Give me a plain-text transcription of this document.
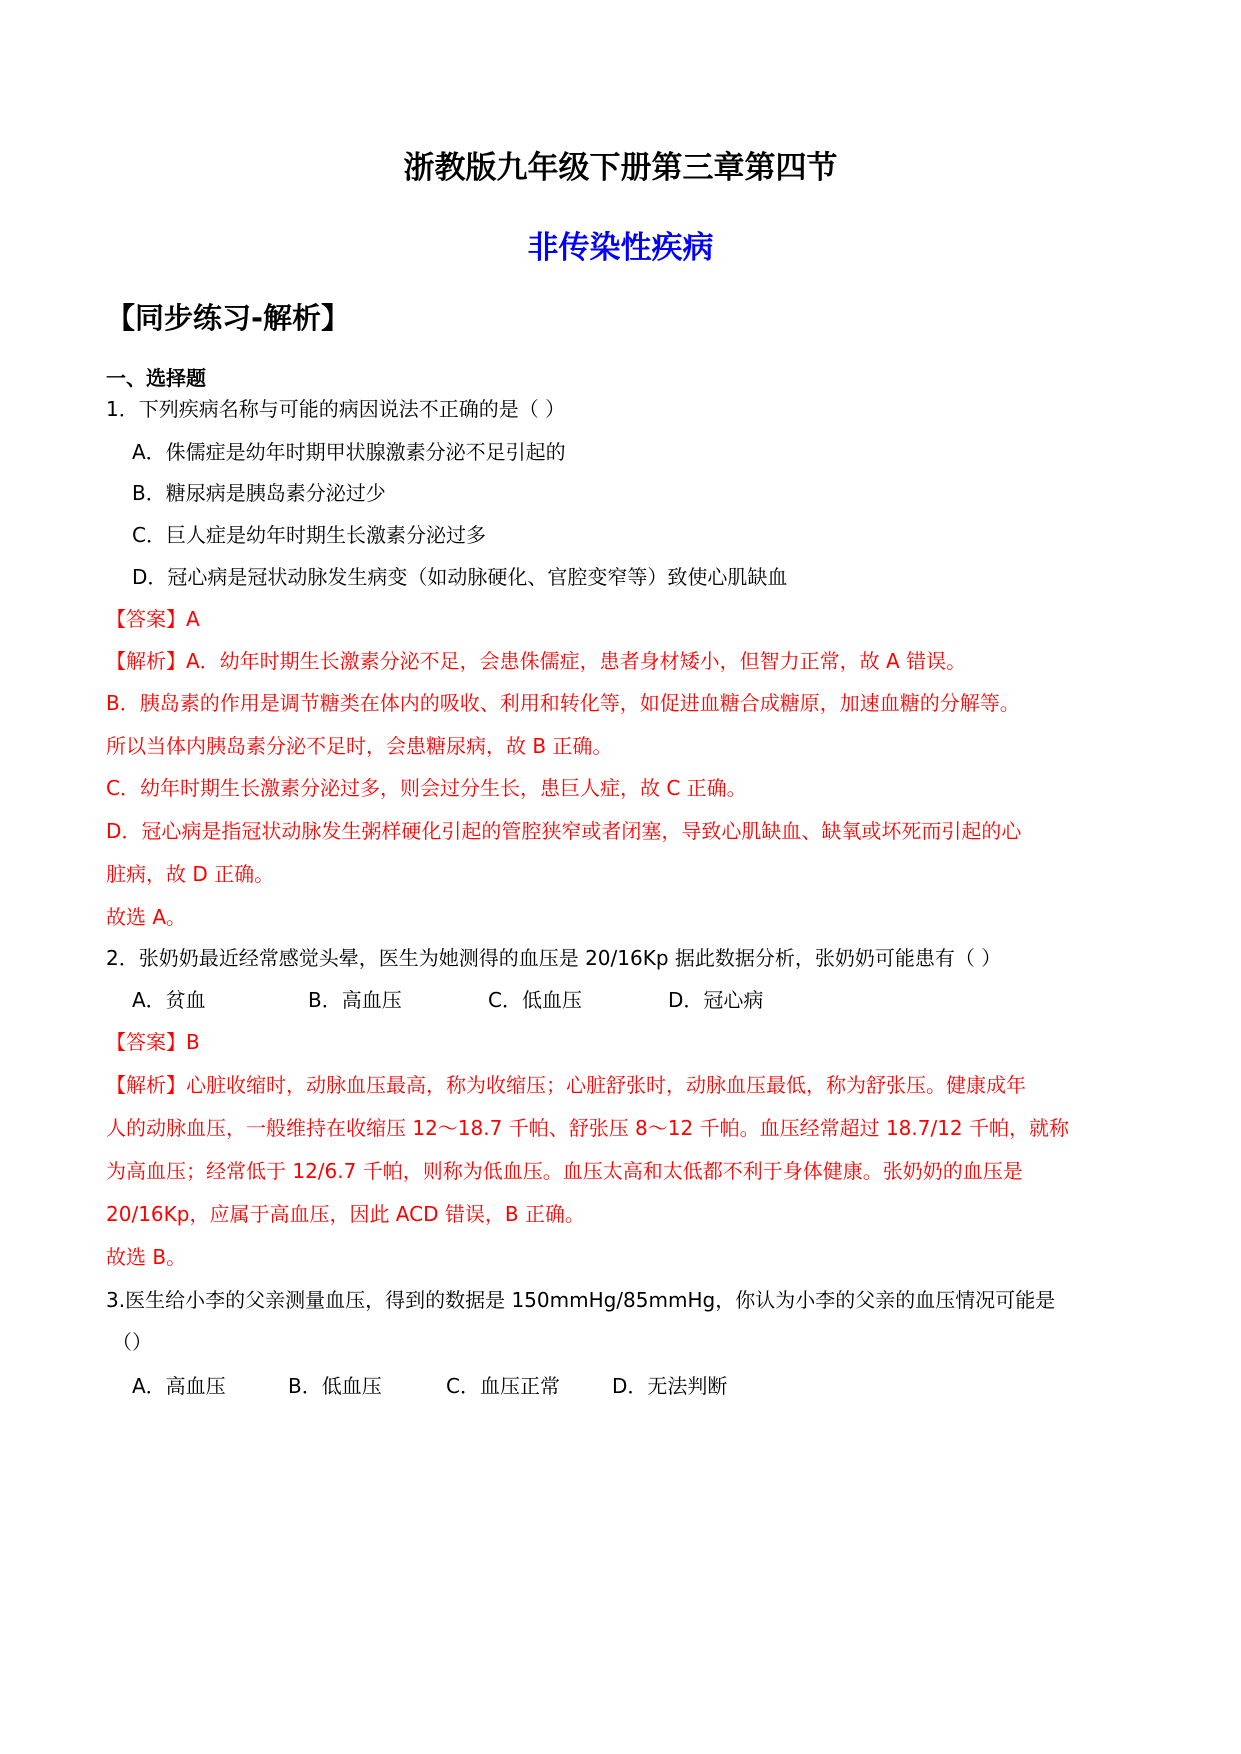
浙教版九年级下册第三章第四节
非传染性疾病
【同步练习-解析】
一、选择题
1．下列疾病名称与可能的病因说法不正确的是（ ）
A．侏儒症是幼年时期甲状腺激素分泌不足引起的
B．糖尿病是胰岛素分泌过少
C．巨人症是幼年时期生长激素分泌过多
D．冠心病是冠状动脉发生病变（如动脉硬化、官腔变窄等）致使心肌缺血
【答案】A
【解析】A．幼年时期生长激素分泌不足，会患侏儒症，患者身材矮小，但智力正常，故 A 错误。
B．胰岛素的作用是调节糖类在体内的吸收、利用和转化等，如促进血糖合成糖原，加速血糖的分解等。
所以当体内胰岛素分泌不足时，会患糖尿病，故 B 正确。
C．幼年时期生长激素分泌过多，则会过分生长，患巨人症，故 C 正确。
D．冠心病是指冠状动脉发生粥样硬化引起的管腔狭窄或者闭塞，导致心肌缺血、缺氧或坏死而引起的心
脏病，故 D 正确。
故选 A。
2．张奶奶最近经常感觉头晕，医生为她测得的血压是 20/16Kp 据此数据分析，张奶奶可能患有（ ）
A．贫血	B．高血压	C．低血压	D．冠心病
【答案】B
【解析】心脏收缩时，动脉血压最高，称为收缩压；心脏舒张时，动脉血压最低，称为舒张压。健康成年
人的动脉血压，一般维持在收缩压 12～18.7 千帕、舒张压 8～12 千帕。血压经常超过 18.7/12 千帕，就称
为高血压；经常低于 12/6.7 千帕，则称为低血压。血压太高和太低都不利于身体健康。张奶奶的血压是
20/16Kp，应属于高血压，因此 ACD 错误，B 正确。
故选 B。
3.医生给小李的父亲测量血压，得到的数据是 150mmHg/85mmHg，你认为小李的父亲的血压情况可能是
（）
A．高血压	B．低血压	C．血压正常	D．无法判断
